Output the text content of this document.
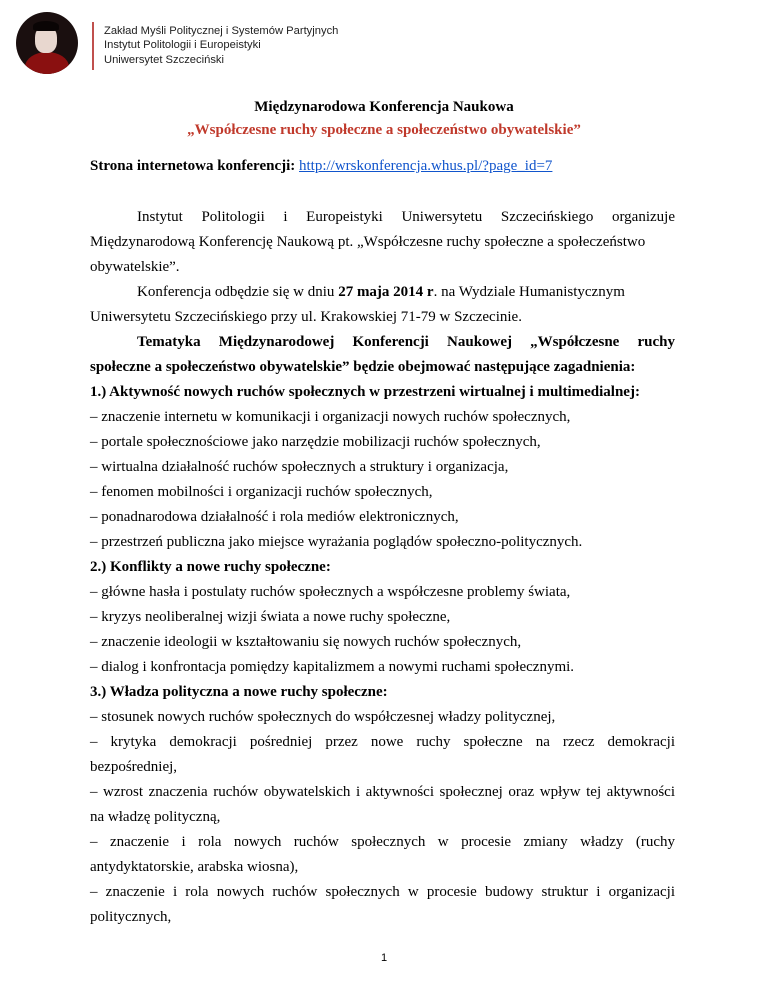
Zakład Myśli Politycznej i Systemów Partyjnych
Instytut Politologii i Europeistyki
Uniwersytet Szczeciński
Międzynarodowa Konferencja Naukowa
„Współczesne ruchy społeczne a społeczeństwo obywatelskie”
Strona internetowa konferencji: http://wrskonferencja.whus.pl/?page_id=7
Instytut Politologii i Europeistyki Uniwersytetu Szczecińskiego organizuje
Międzynarodową Konferencję Naukową pt. „Współczesne ruchy społeczne a społeczeństwo
obywatelskie”.
Konferencja odbędzie się w dniu 27 maja 2014 r. na Wydziale Humanistycznym
Uniwersytetu Szczecińskiego przy ul. Krakowskiej 71-79 w Szczecinie.
Tematyka Międzynarodowej Konferencji Naukowej „Współczesne ruchy
społeczne a społeczeństwo obywatelskie” będzie obejmować następujące zagadnienia:
1.) Aktywność nowych ruchów społecznych w przestrzeni wirtualnej i multimedialnej:
– znaczenie internetu w komunikacji i organizacji nowych ruchów społecznych,
– portale społecznościowe jako narzędzie mobilizacji ruchów społecznych,
– wirtualna działalność ruchów społecznych a struktury i organizacja,
– fenomen mobilności i organizacji ruchów społecznych,
– ponadnarodowa działalność i rola mediów elektronicznych,
– przestrzeń publiczna jako miejsce wyrażania poglądów społeczno-politycznych.
2.) Konflikty a nowe ruchy społeczne:
– główne hasła i postulaty ruchów społecznych a współczesne problemy świata,
– kryzys neoliberalnej wizji świata a nowe ruchy społeczne,
– znaczenie ideologii w kształtowaniu się nowych ruchów społecznych,
– dialog i konfrontacja pomiędzy kapitalizmem a nowymi ruchami społecznymi.
3.) Władza polityczna a nowe ruchy społeczne:
– stosunek nowych ruchów społecznych do współczesnej władzy politycznej,
– krytyka demokracji pośredniej przez nowe ruchy społeczne na rzecz demokracji
bezpośredniej,
– wzrost znaczenia ruchów obywatelskich i aktywności społecznej oraz wpływ tej aktywności
na władzę polityczną,
– znaczenie i rola nowych ruchów społecznych w procesie zmiany władzy (ruchy
antydyktatorskie, arabska wiosna),
– znaczenie i rola nowych ruchów społecznych w procesie budowy struktur i organizacji
politycznych,
1
